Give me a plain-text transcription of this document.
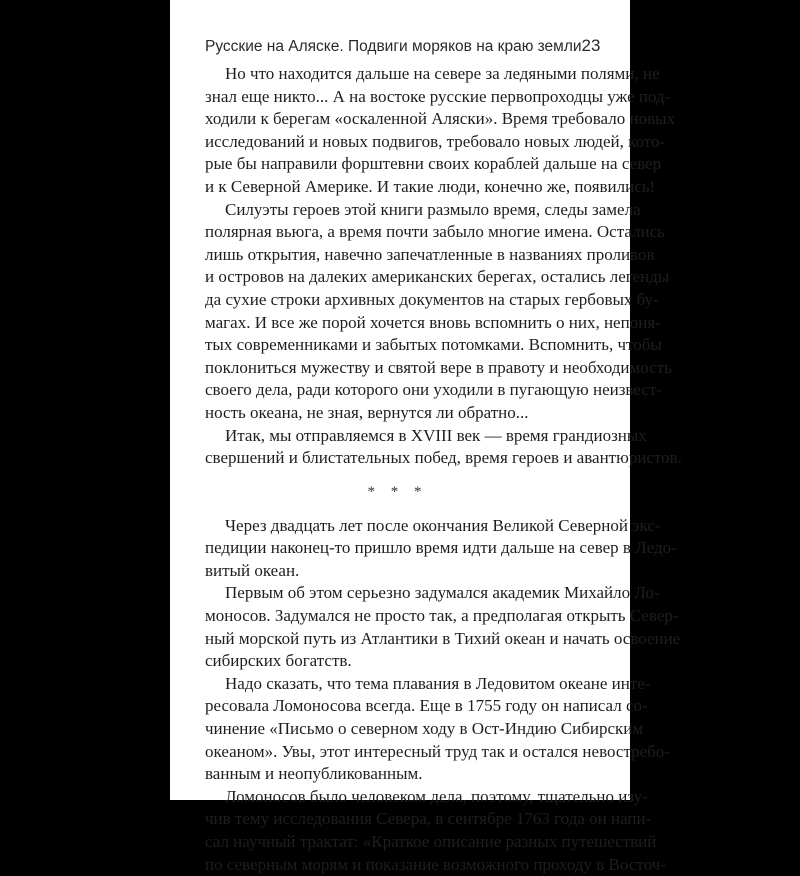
Русские на Аляске. Подвиги моряков на краю земли 23
Но что находится дальше на севере за ледяными полями, не
знал еще никто... А на востоке русские первопроходцы уже под-
ходили к берегам «оскаленной Аляски». Время требовало новых
исследований и новых подвигов, требовало новых людей, кото-
рые бы направили форштевни своих кораблей дальше на север
и к Северной Америке. И такие люди, конечно же, появились!
Силуэты героев этой книги размыло время, следы замела
полярная вьюга, а время почти забыло многие имена. Остались
лишь открытия, навечно запечатленные в названиях проливов
и островов на далеких американских берегах, остались легенды
да сухие строки архивных документов на старых гербовых бу-
магах. И все же порой хочется вновь вспомнить о них, непоня-
тых современниками и забытых потомками. Вспомнить, чтобы
поклониться мужеству и святой вере в правоту и необходимость
своего дела, ради которого они уходили в пугающую неизвест-
ность океана, не зная, вернутся ли обратно...
Итак, мы отправляемся в XVIII век — время грандиозных
свершений и блистательных побед, время героев и авантюристов.
* * *
Через двадцать лет после окончания Великой Северной экс-
педиции наконец-то пришло время идти дальше на север в Ледо-
витый океан.
Первым об этом серьезно задумался академик Михайло Ло-
моносов. Задумался не просто так, а предполагая открыть Север-
ный морской путь из Атлантики в Тихий океан и начать освоение
сибирских богатств.
Надо сказать, что тема плавания в Ледовитом океане инте-
ресовала Ломоносова всегда. Еще в 1755 году он написал со-
чинение «Письмо о северном ходу в Ост-Индию Сибирским
океаном». Увы, этот интересный труд так и остался невостребо-
ванным и неопубликованным.
Ломоносов было человеком дела, поэтому, тщательно изу-
чив тему исследования Севера, в сентябре 1763 года он напи-
сал научный трактат: «Краткое описание разных путешествий
по северным морям и показание возможного проходу в Восточ-
